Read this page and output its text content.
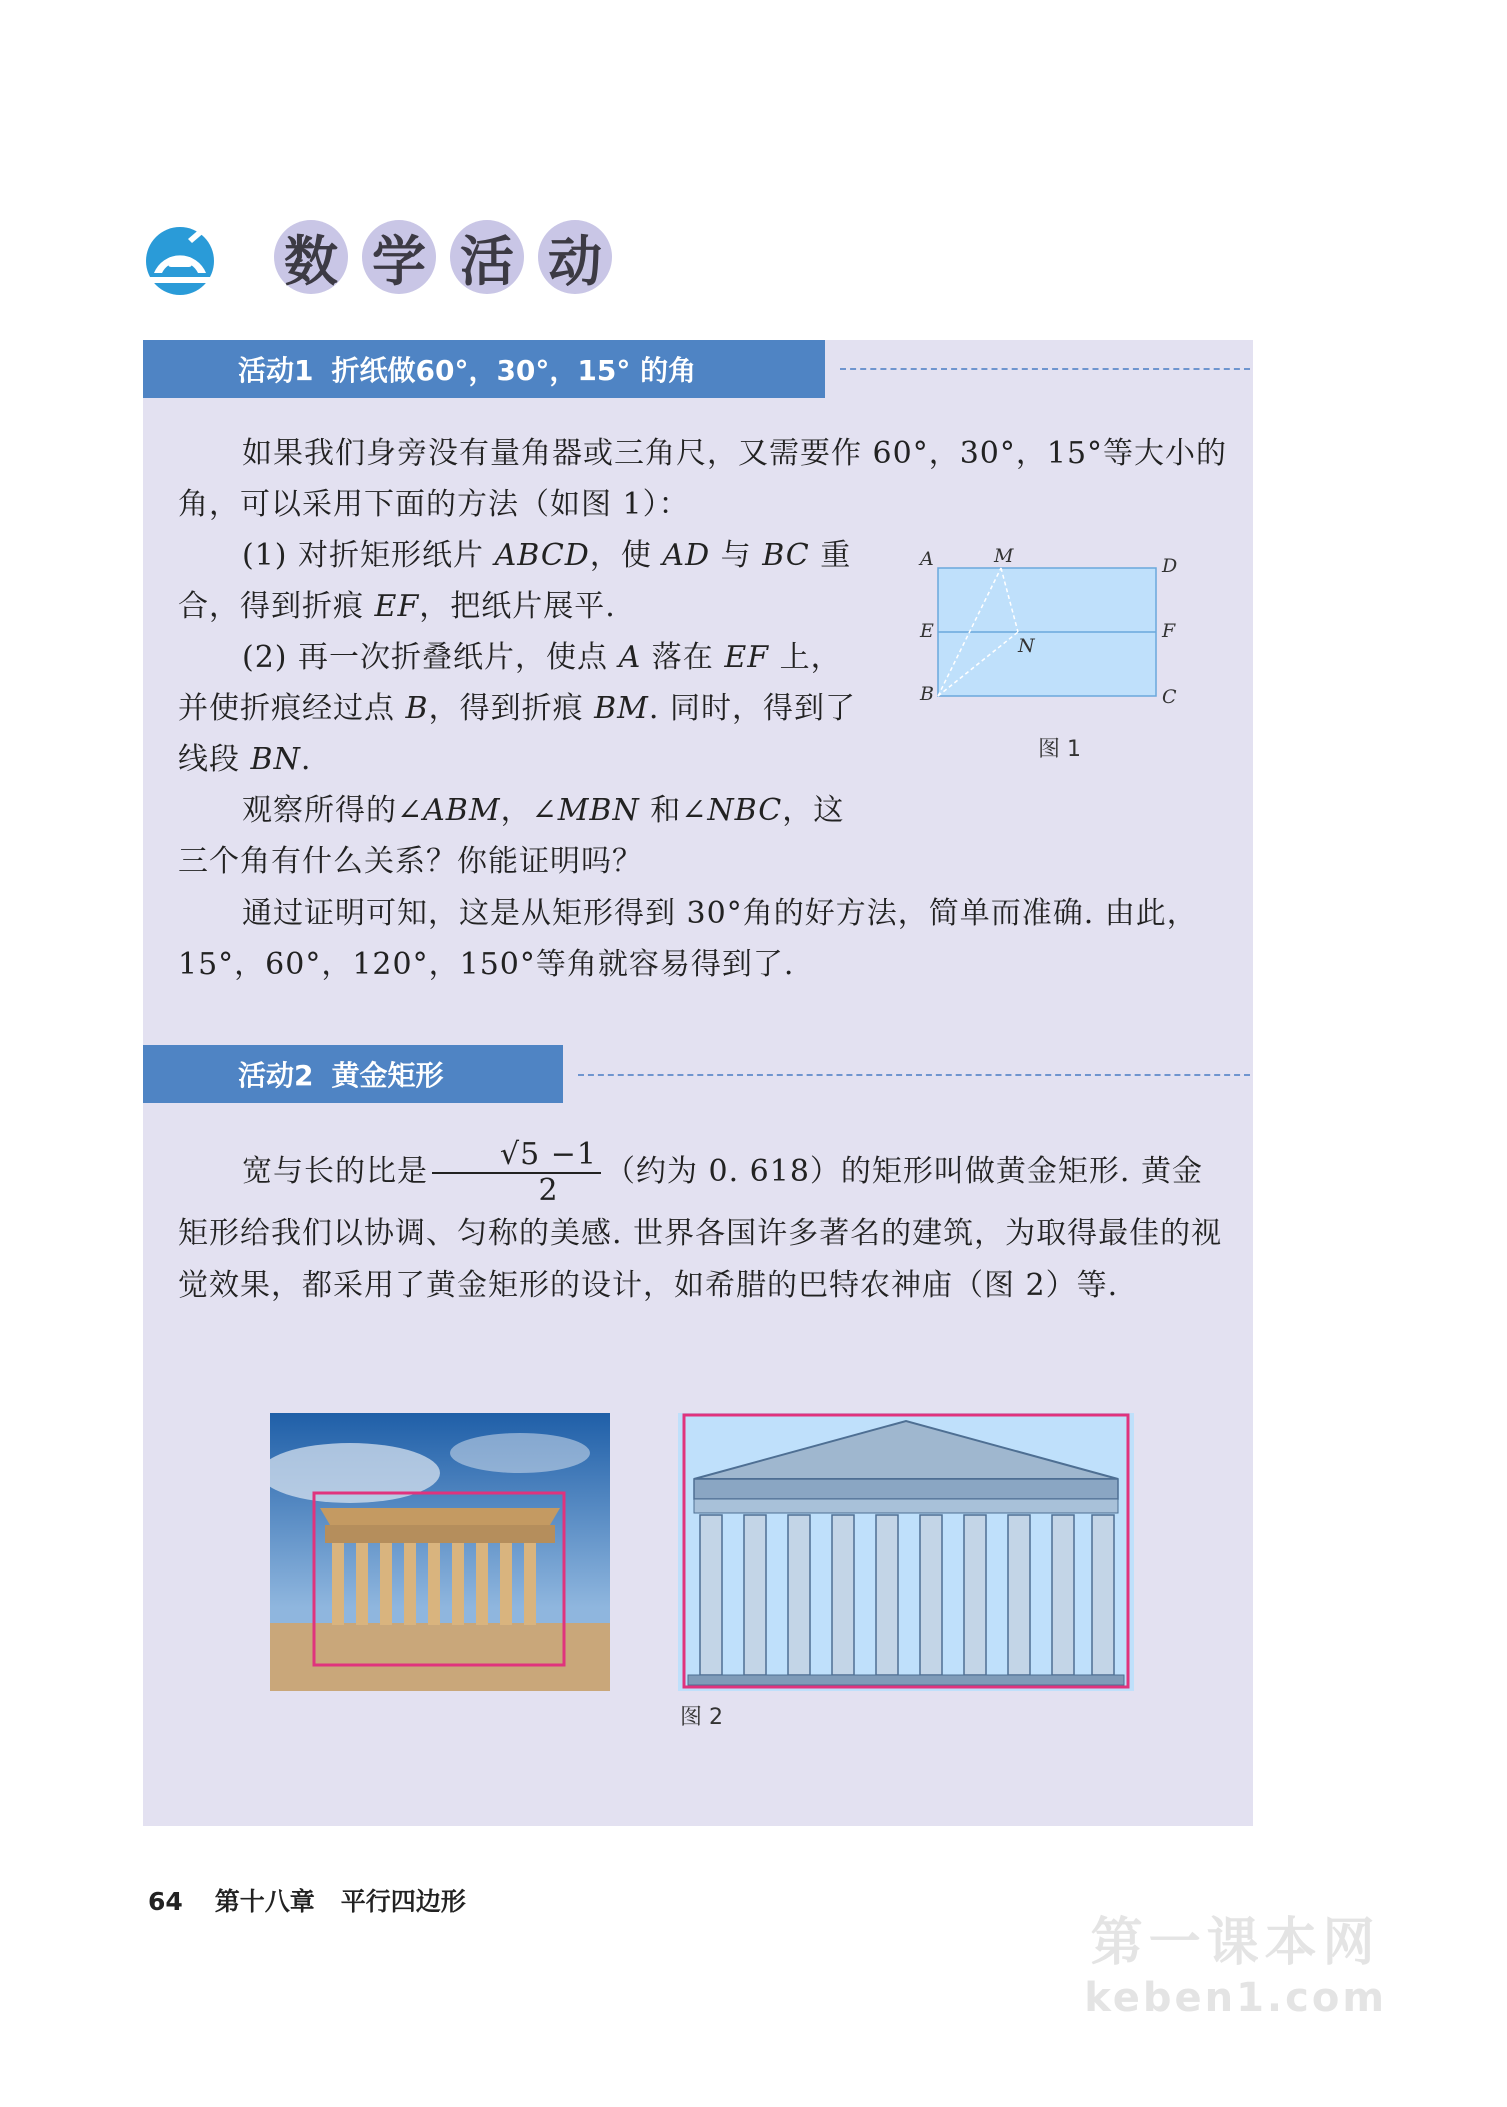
数 学 活 动
活动1 折纸做60°，30°，15° 的角

如果我们身旁没有量角器或三角尺，又需要作 60°，30°，15°等大小的角，可以采用下面的方法（如图 1）：

(1) 对折矩形纸片 ABCD，使 AD 与 BC 重合，得到折痕 EF，把纸片展平.

(2) 再一次折叠纸片，使点 A 落在 EF 上，并使折痕经过点 B，得到折痕 BM. 同时，得到了线段 BN.

观察所得的∠ABM，∠MBN 和∠NBC，这三个角有什么关系？你能证明吗？

通过证明可知，这是从矩形得到 30°角的好方法，简单而准确. 由此，15°，60°，120°，150°等角就容易得到了.

A	M	D
E	F
N
B	C
图 1
活动2 黄金矩形

宽与长的比是 $\frac{√5 -1}{2}$ （约为 0. 618）的矩形叫做黄金矩形. 黄金矩形给我们以协调、匀称的美感. 世界各国许多著名的建筑，为取得最佳的视觉效果，都采用了黄金矩形的设计，如希腊的巴特农神庙（图 2）等.

图 2
64 第十八章 平行四边形
第一课本网
keben1.com
